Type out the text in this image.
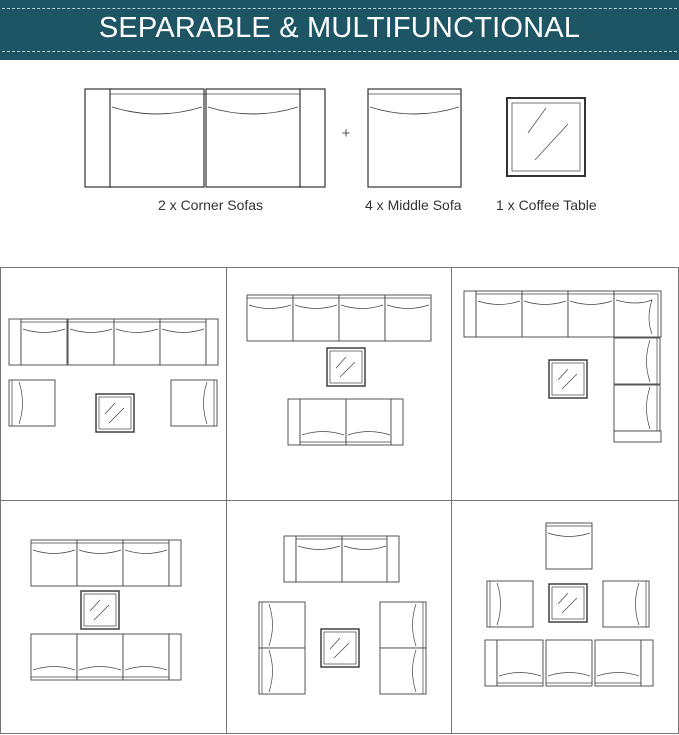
SEPARABLE & MULTIFUNCTIONAL
+
2 x Corner Sofas	4 x Middle Sofa 1 x Coffee Table
